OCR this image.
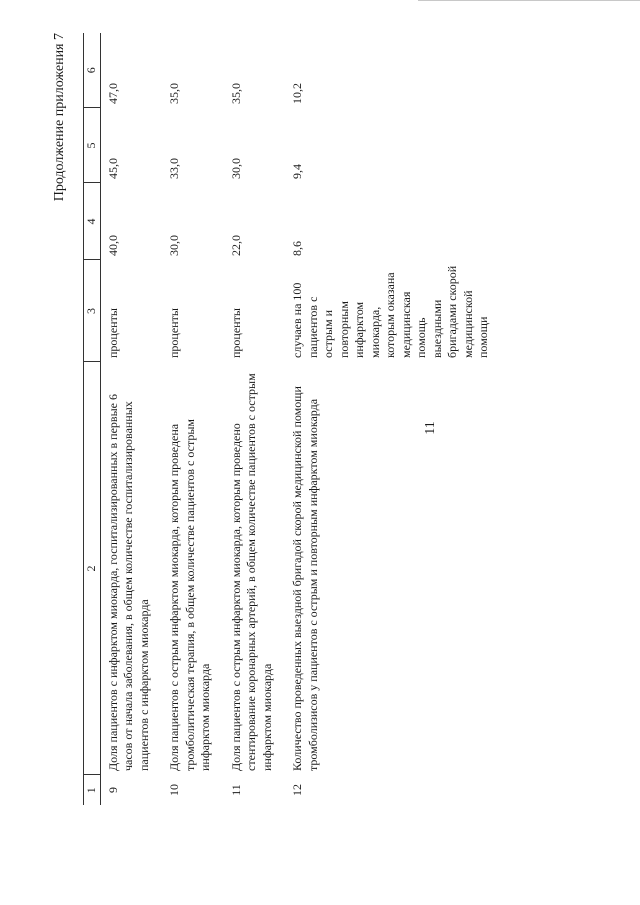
11
Продолжение приложения 7
1	2	3	4	5	6
9	Доля пациентов с инфарктом миокарда, госпитализированных в первые 6 часов от начала заболевания, в общем количестве госпитализированных пациентов с инфарктом миокарда	проценты	40,0	45,0	47,0
10	Доля пациентов с острым инфарктом миокарда, которым проведена тромболитическая терапия, в общем количестве пациентов с острым инфарктом миокарда	проценты	30,0	33,0	35,0
11	Доля пациентов с острым инфарктом миокарда, которым проведено стентирование коронарных артерий, в общем количестве пациентов с острым инфарктом миокарда	проценты	22,0	30,0	35,0
12	Количество проведенных выездной бригадой скорой медицинской помощи тромболизисов у пациентов с острым и повторным инфарктом миокарда	случаев на 100 пациентов с острым и повторным инфарктом миокарда, которым оказана медицинская помощь выездными бригадами скорой медицинской помощи	8,6	9,4	10,2
